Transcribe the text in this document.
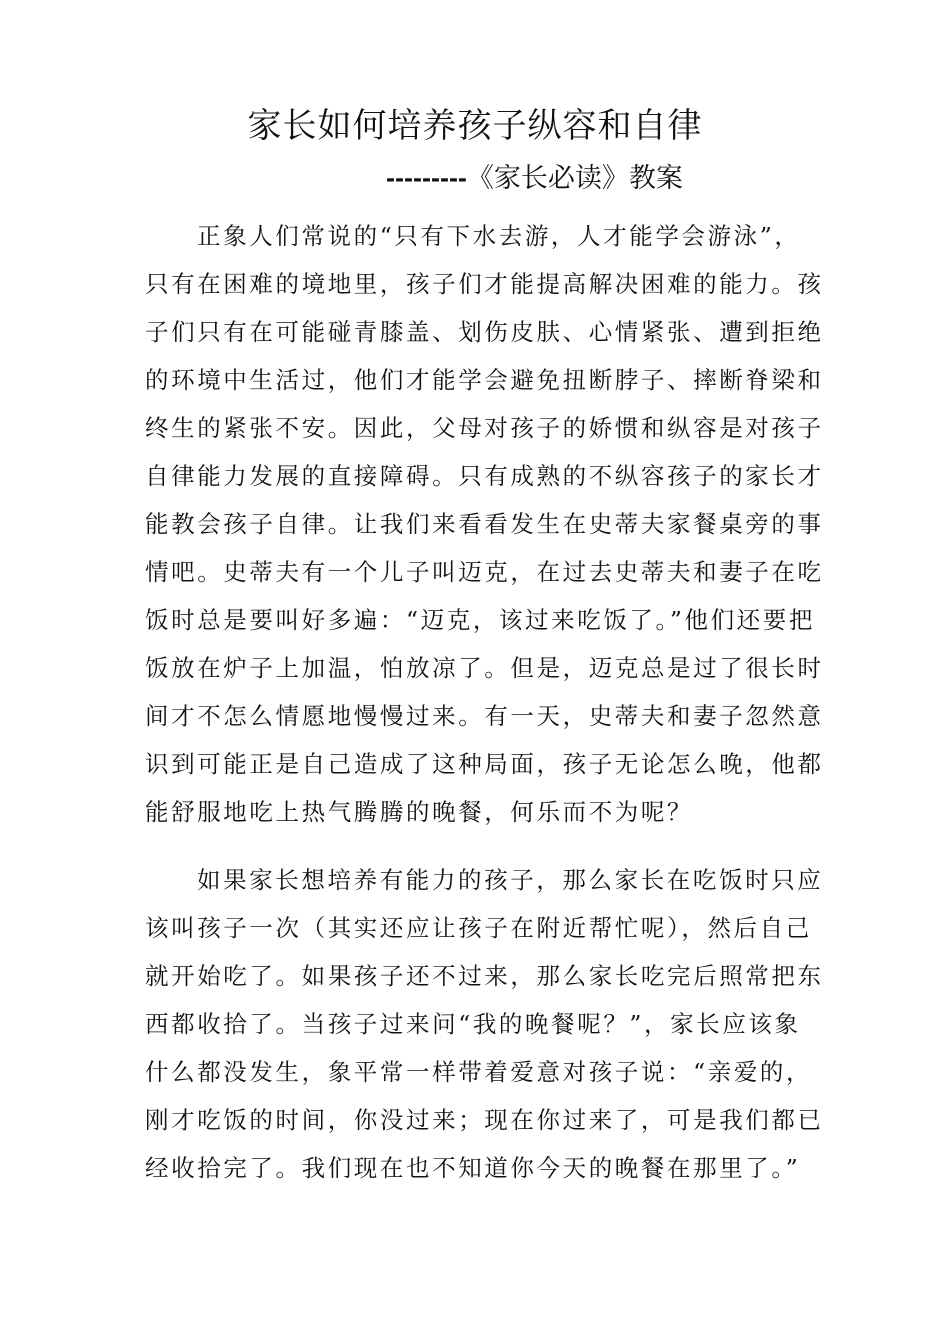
家长如何培养孩子纵容和自律
---------《家长必读》教案
正象人们常说的“只有下水去游，人才能学会游泳”，
只有在困难的境地里，孩子们才能提高解决困难的能力。孩
子们只有在可能碰青膝盖、划伤皮肤、心情紧张、遭到拒绝
的环境中生活过，他们才能学会避免扭断脖子、摔断脊梁和
终生的紧张不安。因此，父母对孩子的娇惯和纵容是对孩子
自律能力发展的直接障碍。只有成熟的不纵容孩子的家长才
能教会孩子自律。让我们来看看发生在史蒂夫家餐桌旁的事
情吧。史蒂夫有一个儿子叫迈克，在过去史蒂夫和妻子在吃
饭时总是要叫好多遍：“迈克，该过来吃饭了。”他们还要把
饭放在炉子上加温，怕放凉了。但是，迈克总是过了很长时
间才不怎么情愿地慢慢过来。有一天，史蒂夫和妻子忽然意
识到可能正是自己造成了这种局面，孩子无论怎么晚，他都
能舒服地吃上热气腾腾的晚餐，何乐而不为呢？
如果家长想培养有能力的孩子，那么家长在吃饭时只应
该叫孩子一次（其实还应让孩子在附近帮忙呢），然后自己
就开始吃了。如果孩子还不过来，那么家长吃完后照常把东
西都收拾了。当孩子过来问“我的晚餐呢？”，家长应该象
什么都没发生，象平常一样带着爱意对孩子说：“亲爱的，
刚才吃饭的时间，你没过来；现在你过来了，可是我们都已
经收拾完了。我们现在也不知道你今天的晚餐在那里了。”
